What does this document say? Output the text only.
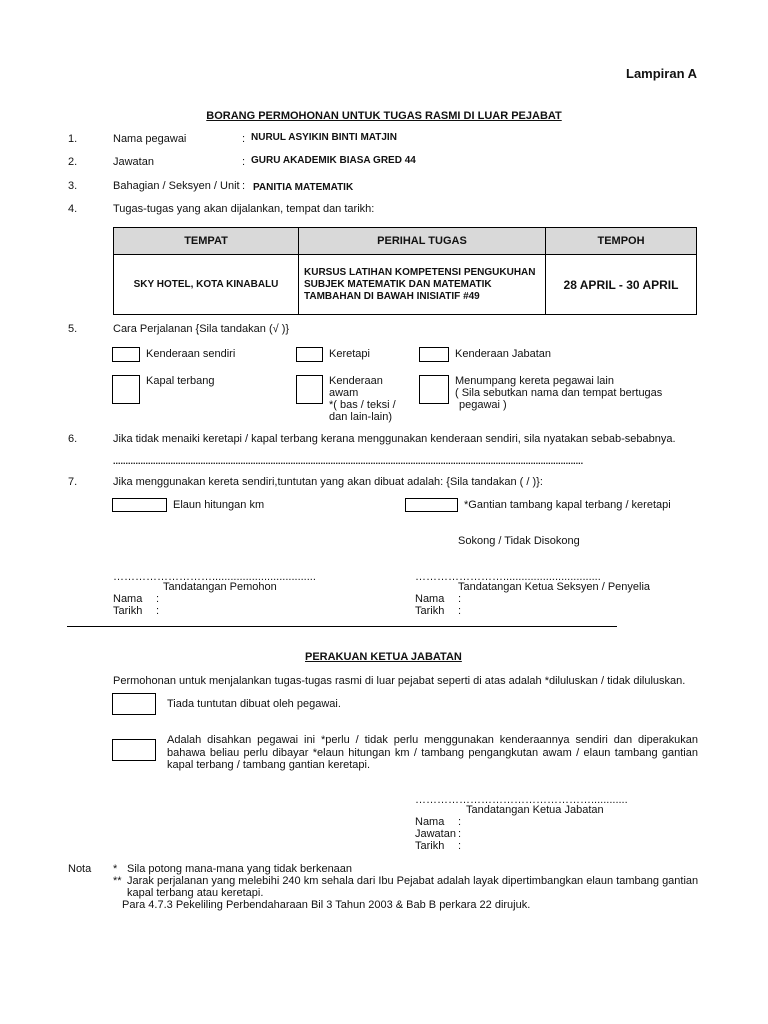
Lampiran A
BORANG PERMOHONAN UNTUK TUGAS RASMI DI LUAR PEJABAT
1.	Nama pegawai	: NURUL ASYIKIN BINTI MATJIN
2.	Jawatan	: GURU AKADEMIK BIASA GRED 44
3.	Bahagian / Seksyen / Unit : PANITIA MATEMATIK
4.	Tugas-tugas yang akan dijalankan, tempat dan tarikh:
TEMPAT	PERIHAL TUGAS	TEMPOH
SKY HOTEL, KOTA KINABALU	KURSUS LATIHAN KOMPETENSI PENGUKUHAN SUBJEK MATEMATIK DAN MATEMATIK TAMBAHAN DI BAWAH INISIATIF #49	28 APRIL - 30 APRIL
5.	Cara Perjalanan {Sila tandakan (√ )}
Kenderaan sendiri	Keretapi	Kenderaan Jabatan
Kapal terbang	Kenderaan
awam
*( bas / teksi /
dan lain-lain)
Menumpang kereta pegawai lain
( Sila sebutkan nama dan tempat bertugas
pegawai )
6.	Jika tidak menaiki keretapi / kapal terbang kerana menggunakan kenderaan sendiri, sila nyatakan sebab-sebabnya.
............................................................................................................................................................................................
7.	Jika menggunakan kereta sendiri,tuntutan yang akan dibuat adalah: {Sila tandakan ( / )}:
Elaun hitungan km	*Gantian tambang kapal terbang / keretapi
Sokong / Tidak Disokong
………………………..................................	……………………................................
Tandatangan Pemohon	Tandatangan Ketua Seksyen / Penyelia
Nama :
Tarikh :
Nama :
Tarikh :
PERAKUAN KETUA JABATAN
Permohonan untuk menjalankan tugas-tugas rasmi di luar pejabat seperti di atas adalah *diluluskan / tidak diluluskan.
Tiada tuntutan dibuat oleh pegawai.
Adalah disahkan pegawai ini *perlu / tidak perlu menggunakan kenderaannya sendiri dan diperakukan bahawa beliau perlu dibayar *elaun hitungan km / tambang pengangkutan awam / elaun tambang gantian kapal terbang / tambang gantian keretapi.
…………………………………………............
Tandatangan Ketua Jabatan
Nama :
Jawatan :
Tarikh :
Nota * Sila potong mana-mana yang tidak berkenaan
** Jarak perjalanan yang melebihi 240 km sehala dari Ibu Pejabat adalah layak dipertimbangkan elaun tambang gantian
kapal terbang atau keretapi.
Para 4.7.3 Pekeliling Perbendaharaan Bil 3 Tahun 2003 & Bab B perkara 22 dirujuk.
